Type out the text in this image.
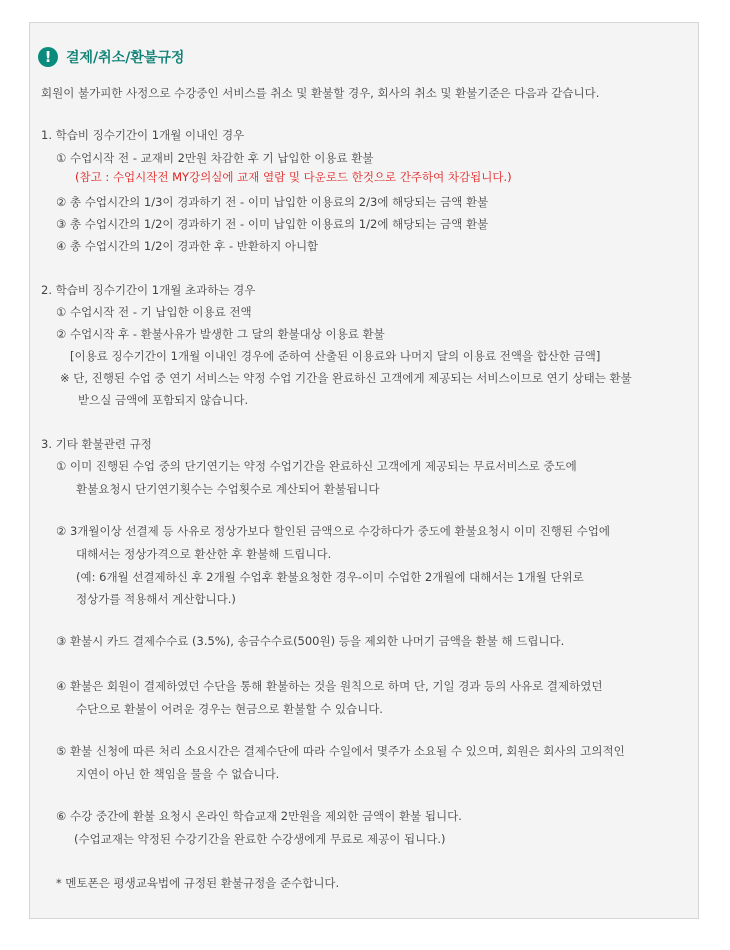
!	결제/취소/환불규정
회원이 불가피한 사정으로 수강중인 서비스를 취소 및 환불할 경우, 회사의 취소 및 환불기준은 다음과 같습니다.
1. 학습비 징수기간이 1개월 이내인 경우
① 수업시작 전 - 교재비 2만원 차감한 후 기 납입한 이용료 환불
(참고 : 수업시작전 MY강의실에 교재 열람 및 다운로드 한것으로 간주하여 차감됩니다.)
② 총 수업시간의 1/3이 경과하기 전 - 이미 납입한 이용료의 2/3에 해당되는 금액 환불
③ 총 수업시간의 1/2이 경과하기 전 - 이미 납입한 이용료의 1/2에 해당되는 금액 환불
④ 총 수업시간의 1/2이 경과한 후 - 반환하지 아니함
2. 학습비 징수기간이 1개월 초과하는 경우
① 수업시작 전 - 기 납입한 이용료 전액
② 수업시작 후 - 환불사유가 발생한 그 달의 환불대상 이용료 환불
[이용료 징수기간이 1개월 이내인 경우에 준하여 산출된 이용료와 나머지 달의 이용료 전액을 합산한 금액]
※ 단, 진행된 수업 중 연기 서비스는 약정 수업 기간을 완료하신 고객에게 제공되는 서비스이므로 연기 상태는 환불
받으실 금액에 포함되지 않습니다.
3. 기타 환불관련 규정
① 이미 진행된 수업 중의 단기연기는 약정 수업기간을 완료하신 고객에게 제공되는 무료서비스로 중도에
환불요청시 단기연기횟수는 수업횟수로 계산되어 환불됩니다
② 3개월이상 선결제 등 사유로 정상가보다 할인된 금액으로 수강하다가 중도에 환불요청시 이미 진행된 수업에
대해서는 정상가격으로 환산한 후 환불해 드립니다.
(예: 6개월 선결제하신 후 2개월 수업후 환불요청한 경우-이미 수업한 2개월에 대해서는 1개월 단위로
정상가를 적용해서 계산합니다.)
③ 환불시 카드 결제수수료 (3.5%), 송금수수료(500원) 등을 제외한 나머기 금액을 환불 해 드립니다.
④ 환불은 회원이 결제하였던 수단을 통해 환불하는 것을 원칙으로 하며 단, 기일 경과 등의 사유로 결제하였던
수단으로 환불이 어려운 경우는 현금으로 환불할 수 있습니다.
⑤ 환불 신청에 따른 처리 소요시간은 결제수단에 따라 수일에서 몇주가 소요될 수 있으며, 회원은 회사의 고의적인
지연이 아닌 한 책임을 물을 수 없습니다.
⑥ 수강 중간에 환불 요청시 온라인 학습교재 2만원을 제외한 금액이 환불 됩니다.
(수업교재는 약정된 수강기간을 완료한 수강생에게 무료로 제공이 됩니다.)
* 멘토폰은 평생교육법에 규정된 환불규정을 준수합니다.
